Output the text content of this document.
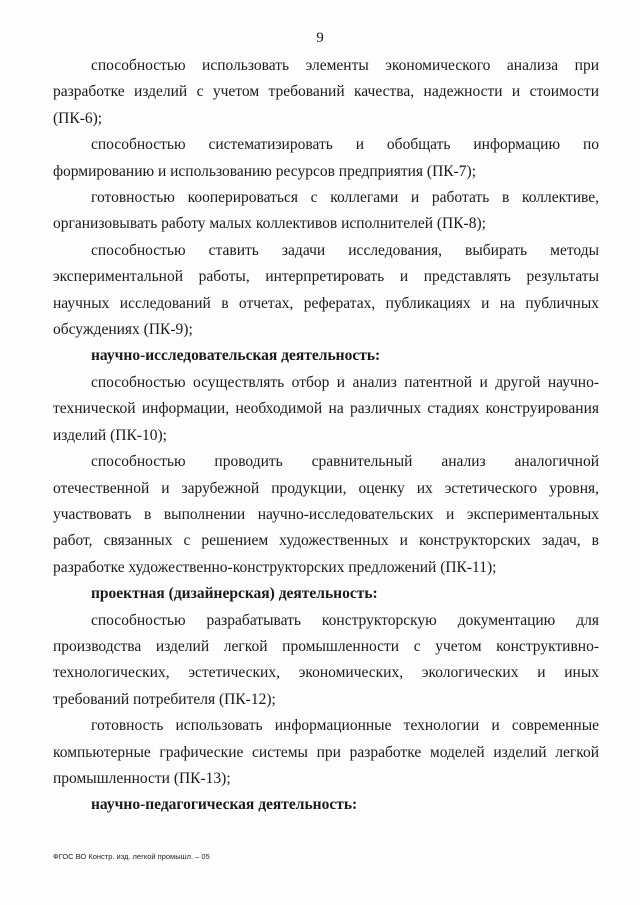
9

способностью использовать элементы экономического анализа при разработке изделий с учетом требований качества, надежности и стоимости (ПК-6);

способностью систематизировать и обобщать информацию по формированию и использованию ресурсов предприятия (ПК-7);

готовностью кооперироваться с коллегами и работать в коллективе, организовывать работу малых коллективов исполнителей (ПК-8);

способностью ставить задачи исследования, выбирать методы экспериментальной работы, интерпретировать и представлять результаты научных исследований в отчетах, рефератах, публикациях и на публичных обсуждениях (ПК-9);

научно-исследовательская деятельность:

способностью осуществлять отбор и анализ патентной и другой научно-технической информации, необходимой на различных стадиях конструирования изделий (ПК-10);

способностью проводить сравнительный анализ аналогичной отечественной и зарубежной продукции, оценку их эстетического уровня, участвовать в выполнении научно-исследовательских и экспериментальных работ, связанных с решением художественных и конструкторских задач, в разработке художественно-конструкторских предложений (ПК-11);

проектная (дизайнерская) деятельность:

способностью разрабатывать конструкторскую документацию для производства изделий легкой промышленности с учетом конструктивно-технологических, эстетических, экономических, экологических и иных требований потребителя (ПК-12);

готовность использовать информационные технологии и современные компьютерные графические системы при разработке моделей изделий легкой промышленности (ПК-13);

научно-педагогическая деятельность:

ФГОС ВО Констр. изд. легкой промышл. – 05
